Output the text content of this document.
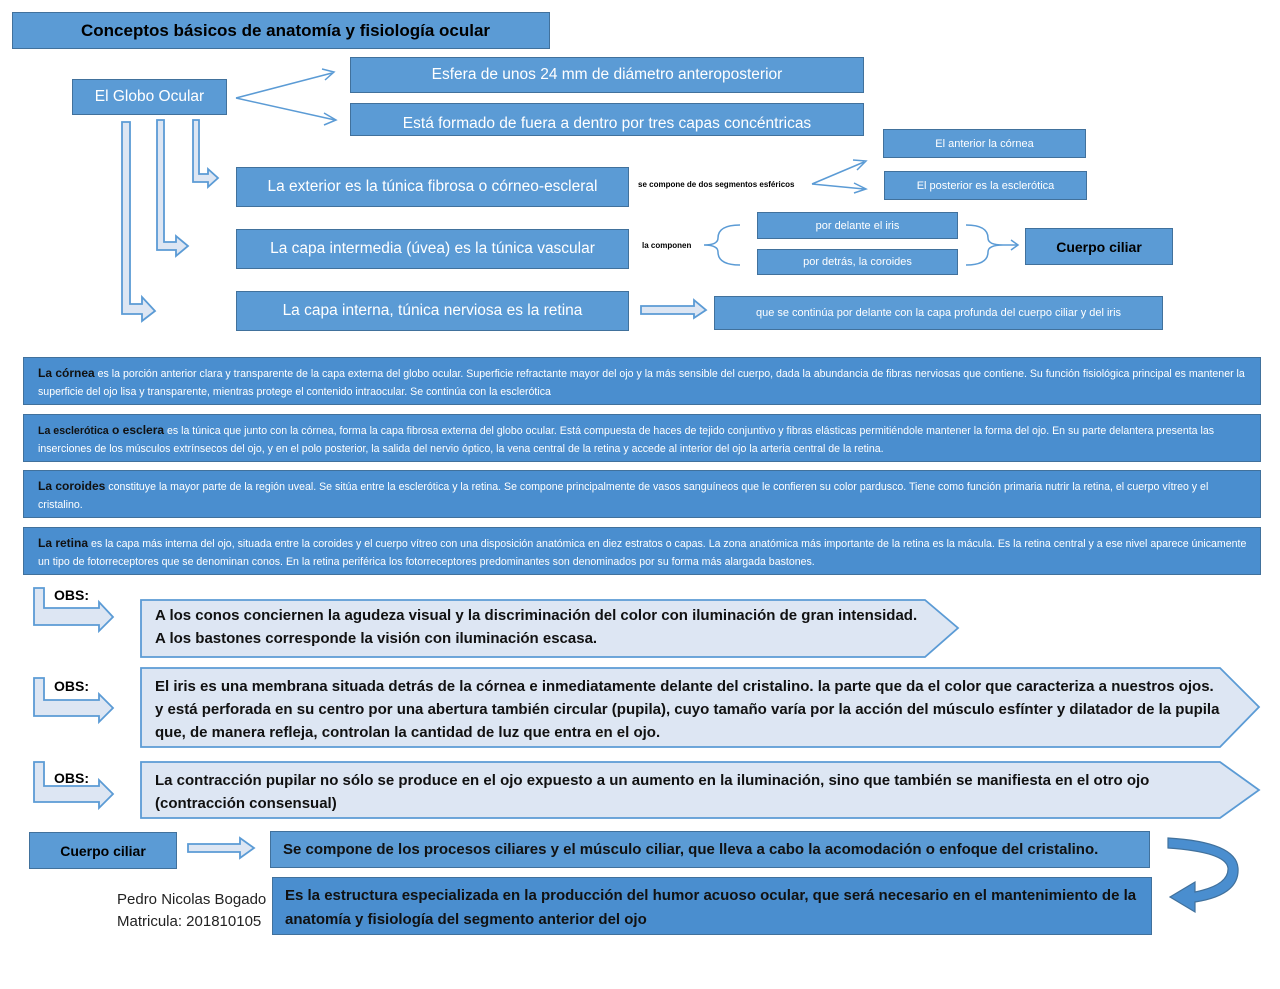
Conceptos básicos de anatomía y fisiología ocular
El Globo Ocular
Esfera de unos 24 mm de diámetro anteroposterior
Está formado de fuera a dentro por tres capas concéntricas
La exterior es la túnica fibrosa o córneo-escleral	se compone de dos segmentos esféricos
El anterior la córnea
El posterior es la esclerótica
La capa intermedia (úvea) es la túnica vascular	la componen
por delante el iris
por detrás, la coroides
Cuerpo ciliar
La capa interna, túnica nerviosa es la retina	que se continúa por delante con la capa profunda del cuerpo ciliar y del iris
La córnea es la porción anterior clara y transparente de la capa externa del globo ocular. Superficie refractante mayor del ojo y la más sensible del cuerpo, dada la abundancia de fibras nerviosas que contiene. Su función fisiológica principal es mantener la superficie del ojo lisa y transparente, mientras protege el contenido intraocular. Se continúa con la esclerótica
La esclerótica o esclera es la túnica que junto con la córnea, forma la capa fibrosa externa del globo ocular. Está compuesta de haces de tejido conjuntivo y fibras elásticas permitiéndole mantener la forma del ojo. En su parte delantera presenta las inserciones de los músculos extrínsecos del ojo, y en el polo posterior, la salida del nervio óptico, la vena central de la retina y accede al interior del ojo la arteria central de la retina.
La coroides constituye la mayor parte de la región uveal. Se sitúa entre la esclerótica y la retina. Se compone principalmente de vasos sanguíneos que le confieren su color pardusco. Tiene como función primaria nutrir la retina, el cuerpo vítreo y el cristalino.
La retina es la capa más interna del ojo, situada entre la coroides y el cuerpo vítreo con una disposición anatómica en diez estratos o capas. La zona anatómica más importante de la retina es la mácula. Es la retina central y a ese nivel aparece únicamente un tipo de fotorreceptores que se denominan conos. En la retina periférica los fotorreceptores predominantes son denominados por su forma más alargada bastones.
OBS:
A los conos conciernen la agudeza visual y la discriminación del color con iluminación de gran intensidad.
A los bastones corresponde la visión con iluminación escasa.
OBS:	El iris es una membrana situada detrás de la córnea e inmediatamente delante del cristalino. la parte que da el color que caracteriza a nuestros ojos. y está perforada en su centro por una abertura también circular (pupila), cuyo tamaño varía por la acción del músculo esfínter y dilatador de la pupila que, de manera refleja, controlan la cantidad de luz que entra en el ojo.
OBS:	La contracción pupilar no sólo se produce en el ojo expuesto a un aumento en la iluminación, sino que también se manifiesta en el otro ojo (contracción consensual)
Cuerpo ciliar	Se compone de los procesos ciliares y el músculo ciliar, que lleva a cabo la acomodación o enfoque del cristalino.
Pedro Nicolas Bogado
Matricula: 201810105
Es la estructura especializada en la producción del humor acuoso ocular, que será necesario en el mantenimiento de la anatomía y fisiología del segmento anterior del ojo
